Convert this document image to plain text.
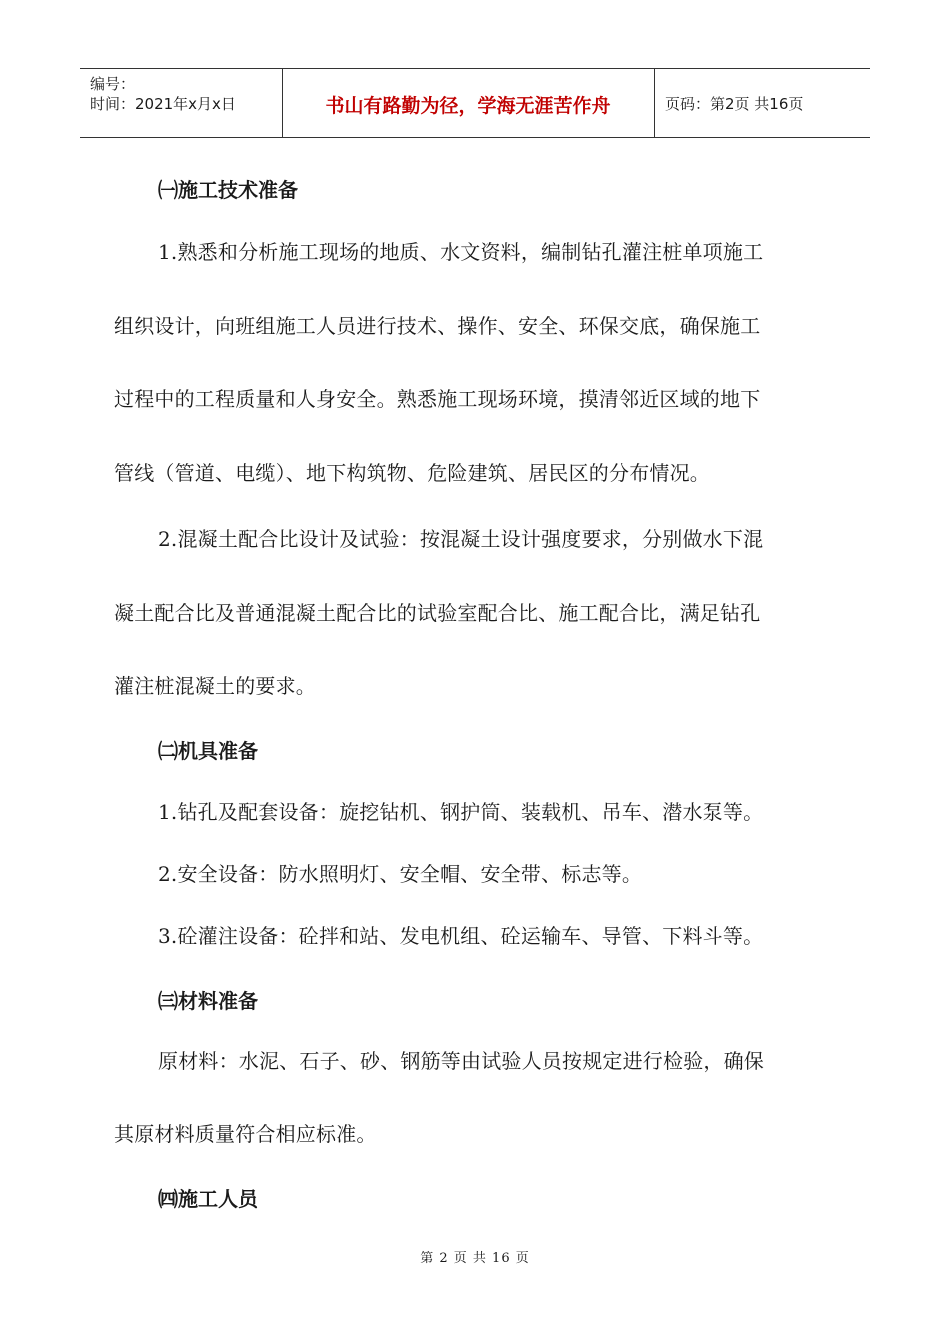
编号：
时间：2021年x月x日	书山有路勤为径，学海无涯苦作舟	页码：第2页 共16页
㈠施工技术准备
1.熟悉和分析施工现场的地质、水文资料，编制钻孔灌注桩单项施工
组织设计，向班组施工人员进行技术、操作、安全、环保交底，确保施工
过程中的工程质量和人身安全。熟悉施工现场环境，摸清邻近区域的地下
管线（管道、电缆）、地下构筑物、危险建筑、居民区的分布情况。
2.混凝土配合比设计及试验：按混凝土设计强度要求，分别做水下混
凝土配合比及普通混凝土配合比的试验室配合比、施工配合比，满足钻孔
灌注桩混凝土的要求。
㈡机具准备
1.钻孔及配套设备：旋挖钻机、钢护筒、装载机、吊车、潜水泵等。
2.安全设备：防水照明灯、安全帽、安全带、标志等。
3.砼灌注设备：砼拌和站、发电机组、砼运输车、导管、下料斗等。
㈢材料准备
原材料：水泥、石子、砂、钢筋等由试验人员按规定进行检验，确保
其原材料质量符合相应标准。
㈣施工人员
第 2 页 共 16 页
